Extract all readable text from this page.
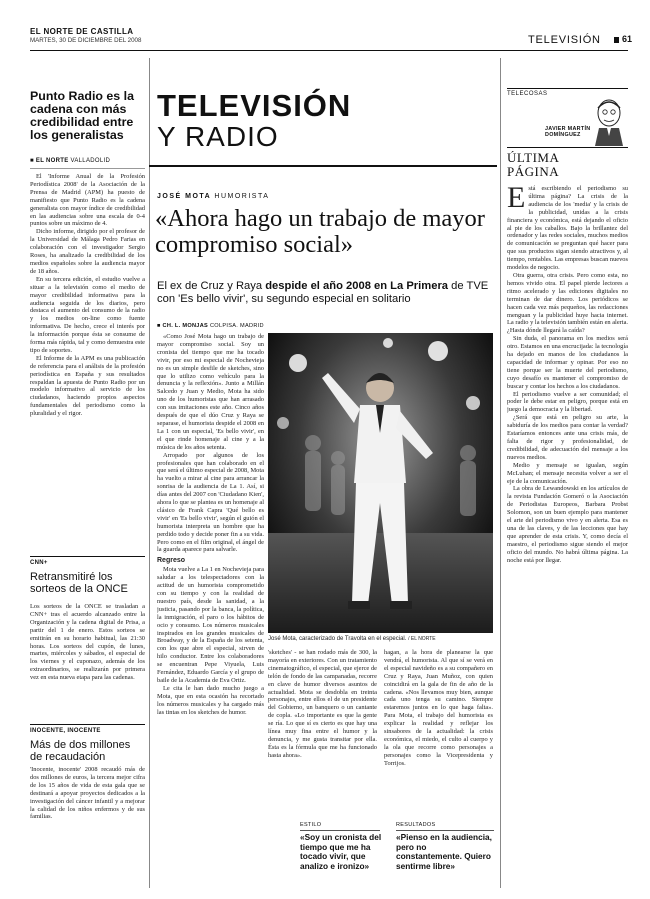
EL NORTE DE CASTILLA
MARTES, 30 DE DICIEMBRE DEL 2008	TELEVISIÓN 61
Punto Radio es la cadena con más credibilidad entre los generalistas
■ EL NORTE VALLADOLID

El 'Informe Anual de la Profesión Periodística 2008' de la Asociación de la Prensa de Madrid (APM) ha puesto de manifiesto que Punto Radio es la cadena generalista con mayor índice de credibilidad en las audiencias sobre una escala de 0-4 puntos sobre un máximo de 4.

Dicho informe, dirigido por el profesor de la Universidad de Málaga Pedro Farias en colaboración con el investigador Sergio Roses, ha analizado la credibilidad de los medios españoles sobre la audiencia mayor de 18 años.

En su tercera edición, el estudio vuelve a situar a la televisión como el medio de mayor credibilidad informativa para la audiencia seguida de los diarios, pero destaca el aumento del consumo de la radio y los medios on-line como fuente informativa. De hecho, crece el interés por la información porque ésta se consume de forma más rápida, tal y como demuestra este tipo de soportes.

El Informe de la APM es una publicación de referencia para el análisis de la profesión periodística en España y sus resultados respaldan la apuesta de Punto Radio por un modelo informativo al servicio de los ciudadanos, haciendo propios aspectos fundamentales del periodismo como la pluralidad y el rigor.

CNN+
Retransmitiré los sorteos de la ONCE
Los sorteos de la ONCE se trasladan a CNN+ tras el acuerdo alcanzado entre la Organización y la cadena digital de Prisa, a partir del 1 de enero. Estos sorteos se emitirán en su horario habitual, las 21:30 horas. Los sorteos del cupón, de lunes, martes, miércoles y sábados, el especial de los viernes y el cuponazo, además de los extraordinarios, se realizarán por primera vez en esta nueva etapa para las cadenas.
INOCENTE, INOCENTE
Más de dos millones de recaudación
'Inocente, inocente' 2008 recaudó más de dos millones de euros, la tercera mejor cifra de los 15 años de vida de esta gala que se destinará a apoyar proyectos dedicados a la investigación del cáncer infantil y a mejorar la calidad de los niños enfermos y de sus familias.
TELEVISIÓN
Y RADIO
JOSÉ MOTA HUMORISTA
«Ahora hago un trabajo de mayor compromiso social»
El ex de Cruz y Raya despide el año 2008 en La Primera de TVE con 'Es bello vivir', su segundo especial en solitario
■ CH. L. MONJAS COLPISA. MADRID

«Como José Mota hago un trabajo de mayor compromiso social. Soy un cronista del tiempo que me ha tocado vivir, por eso mi especial de Nochevieja no es un simple desfile de sketches, sino que lo utilizo como vehículo para la denuncia y la reflexión». Junto a Millán Salcedo y Juan y Medio, Mota ha sido uno de los humoristas que han arrasado con sus imitaciones este año. Cinco años después de que el dúo Cruz y Raya se separase, el humorista despide el 2008 en La 1 con un especial, 'Es bello vivir', en el que rinde homenaje al cine y a la música de los años setenta.

Arropado por algunos de los profesionales que han colaborado en el que será el último especial de 2008, Mota ha vuelto a mirar al cine para arrancar la sonrisa de la audiencia de La 1. Así, si días antes del 2007 con 'Ciudadano Kien', ahora lo que se plantea es un homenaje al clásico de Frank Capra 'Qué bello es vivir' en 'Es bello vivir', según el guión el humorista interpreta un hombre que ha perdido todo y decide poner fin a su vida. Pero como en el film original, el ángel de la guarda aparece para salvarle.

Regreso

Mota vuelve a La 1 en Nochevieja para saludar a los telespectadores con la actitud de un humorista comprometido con su tiempo y con la realidad de nuestro país, desde la sanidad, a la justicia, pasando por la banca, la política, la inmigración, el paro o los hábitos de ocio y consumo. Los números musicales inspirados en los grandes musicales de Broadway, y de la España de los setenta, con los que abre el especial, sirven de hilo conductor. Entre los colaboradores se encuentran Pepe Viyuela, Luis Fernández, Eduardo García y el grupo de baile de la Academia de Eva Ortiz.

Le cita le han dado mucho juego a Mota, que en esta ocasión ha recortado los números musicales y ha cargado más las tintas en los sketches de humor.

José Mota, caracterizado de Travolta en el especial. / EL NORTE
'sketches' - se han rodado más de 300, la mayoría en exteriores. Con un tratamiento cinematográfico, el especial, que ejerce de telón de fondo de las campanadas, recorre en clave de humor diversos asuntos de actualidad. Mota se desdobla en treinta personajes, entre ellos el de un presidente del Gobierno, un banquero o un cantante de copla. «Lo importante es que la gente se ría. Lo que sí es cierto es que hay una línea muy fina entre el humor y la denuncia, y me gusta transitar por ella. Ésta es la fórmula que me ha funcionado hasta ahora».
hagan, a la hora de planearse la que vendrá, el humorista. Al que sí se verá en el especial navideño es a su compañero en Cruz y Raya, Juan Muñoz, con quien coincidirá en la gala de fin de año de la cadena. «Nos llevamos muy bien, aunque cada uno tenga su camino. Siempre estaremos juntos en lo que haga falta». Para Mota, el trabajo del humorista es explicar la realidad y reflejar los sinsabores de la actualidad: la crisis económica, el miedo, el culto al cuerpo y la ola que recorre como personajes a personajes como la Vicepresidenta y Torrijos.
ESTILO
«Soy un cronista del tiempo que me ha tocado vivir, que analizo e ironizo»
RESULTADOS
«Pienso en la audiencia, pero no constantemente. Quiero sentirme libre»
TELECOSAS
JAVIER MARTÍN
DOMÍNGUEZ
ÚLTIMA
PÁGINA

Está escribiendo el periodismo su última página? La crisis de la audiencia de los 'media' y la crisis de la publicidad, unidas a la crisis financiera y económica, está dejando el oficio al pie de los caballos. Bajo la brillantez del ordenador y las redes sociales, muchos medios de comunicación se preguntan qué hacer para que sus productos sigan siendo atractivos y, al tiempo, rentables. Las empresas buscan nuevos modelos de negocio.

Otra guerra, otra crisis. Pero como esta, no hemos vivido otra. El papel pierde lectores a ritmo acelerado y las ediciones digitales no terminan de dar dinero. Los periódicos se hacen cada vez más pequeños, las redacciones menguan y la publicidad huye hacia internet. La radio y la televisión también están en alerta. ¿Hasta dónde llegará la caída?

Sin duda, el panorama en los medios será otro. Estamos en una encrucijada: la tecnología ha dejado en manos de los ciudadanos la capacidad de informar y opinar. Por eso no tiene porque ser la muerte del periodismo, cuyo desafío es mantener el compromiso de buscar y contar los hechos a los ciudadanos.

El periodismo vuelve a ser comunidad; el poder le debe estar en peligro, porque está en juego la democracia y la libertad.

¿Será que está en peligro su arte, la sabiduría de los medios para contar la verdad? Estaríamos entonces ante una crisis más, de falta de rigor y profesionalidad, de credibilidad, de adecuación del mensaje a los nuevos medios.

Medio y mensaje se igualan, según McLuhan; el mensaje necesita volver a ser el eje de la comunicación.

La obra de Lewandowski en los artículos de la revista Fundación Gomeró o la Asociación de Periodistas Europeos, Barbara Probst Solomon, son un buen ejemplo para mantener el arte del periodismo vivo y en alerta. Esa es una de las claves, y de las lecciones que hay que aprender de esta crisis. Y, como decía el maestro, el periodismo sigue siendo el mejor oficio del mundo. No habrá última página. La noche está por llegar.
